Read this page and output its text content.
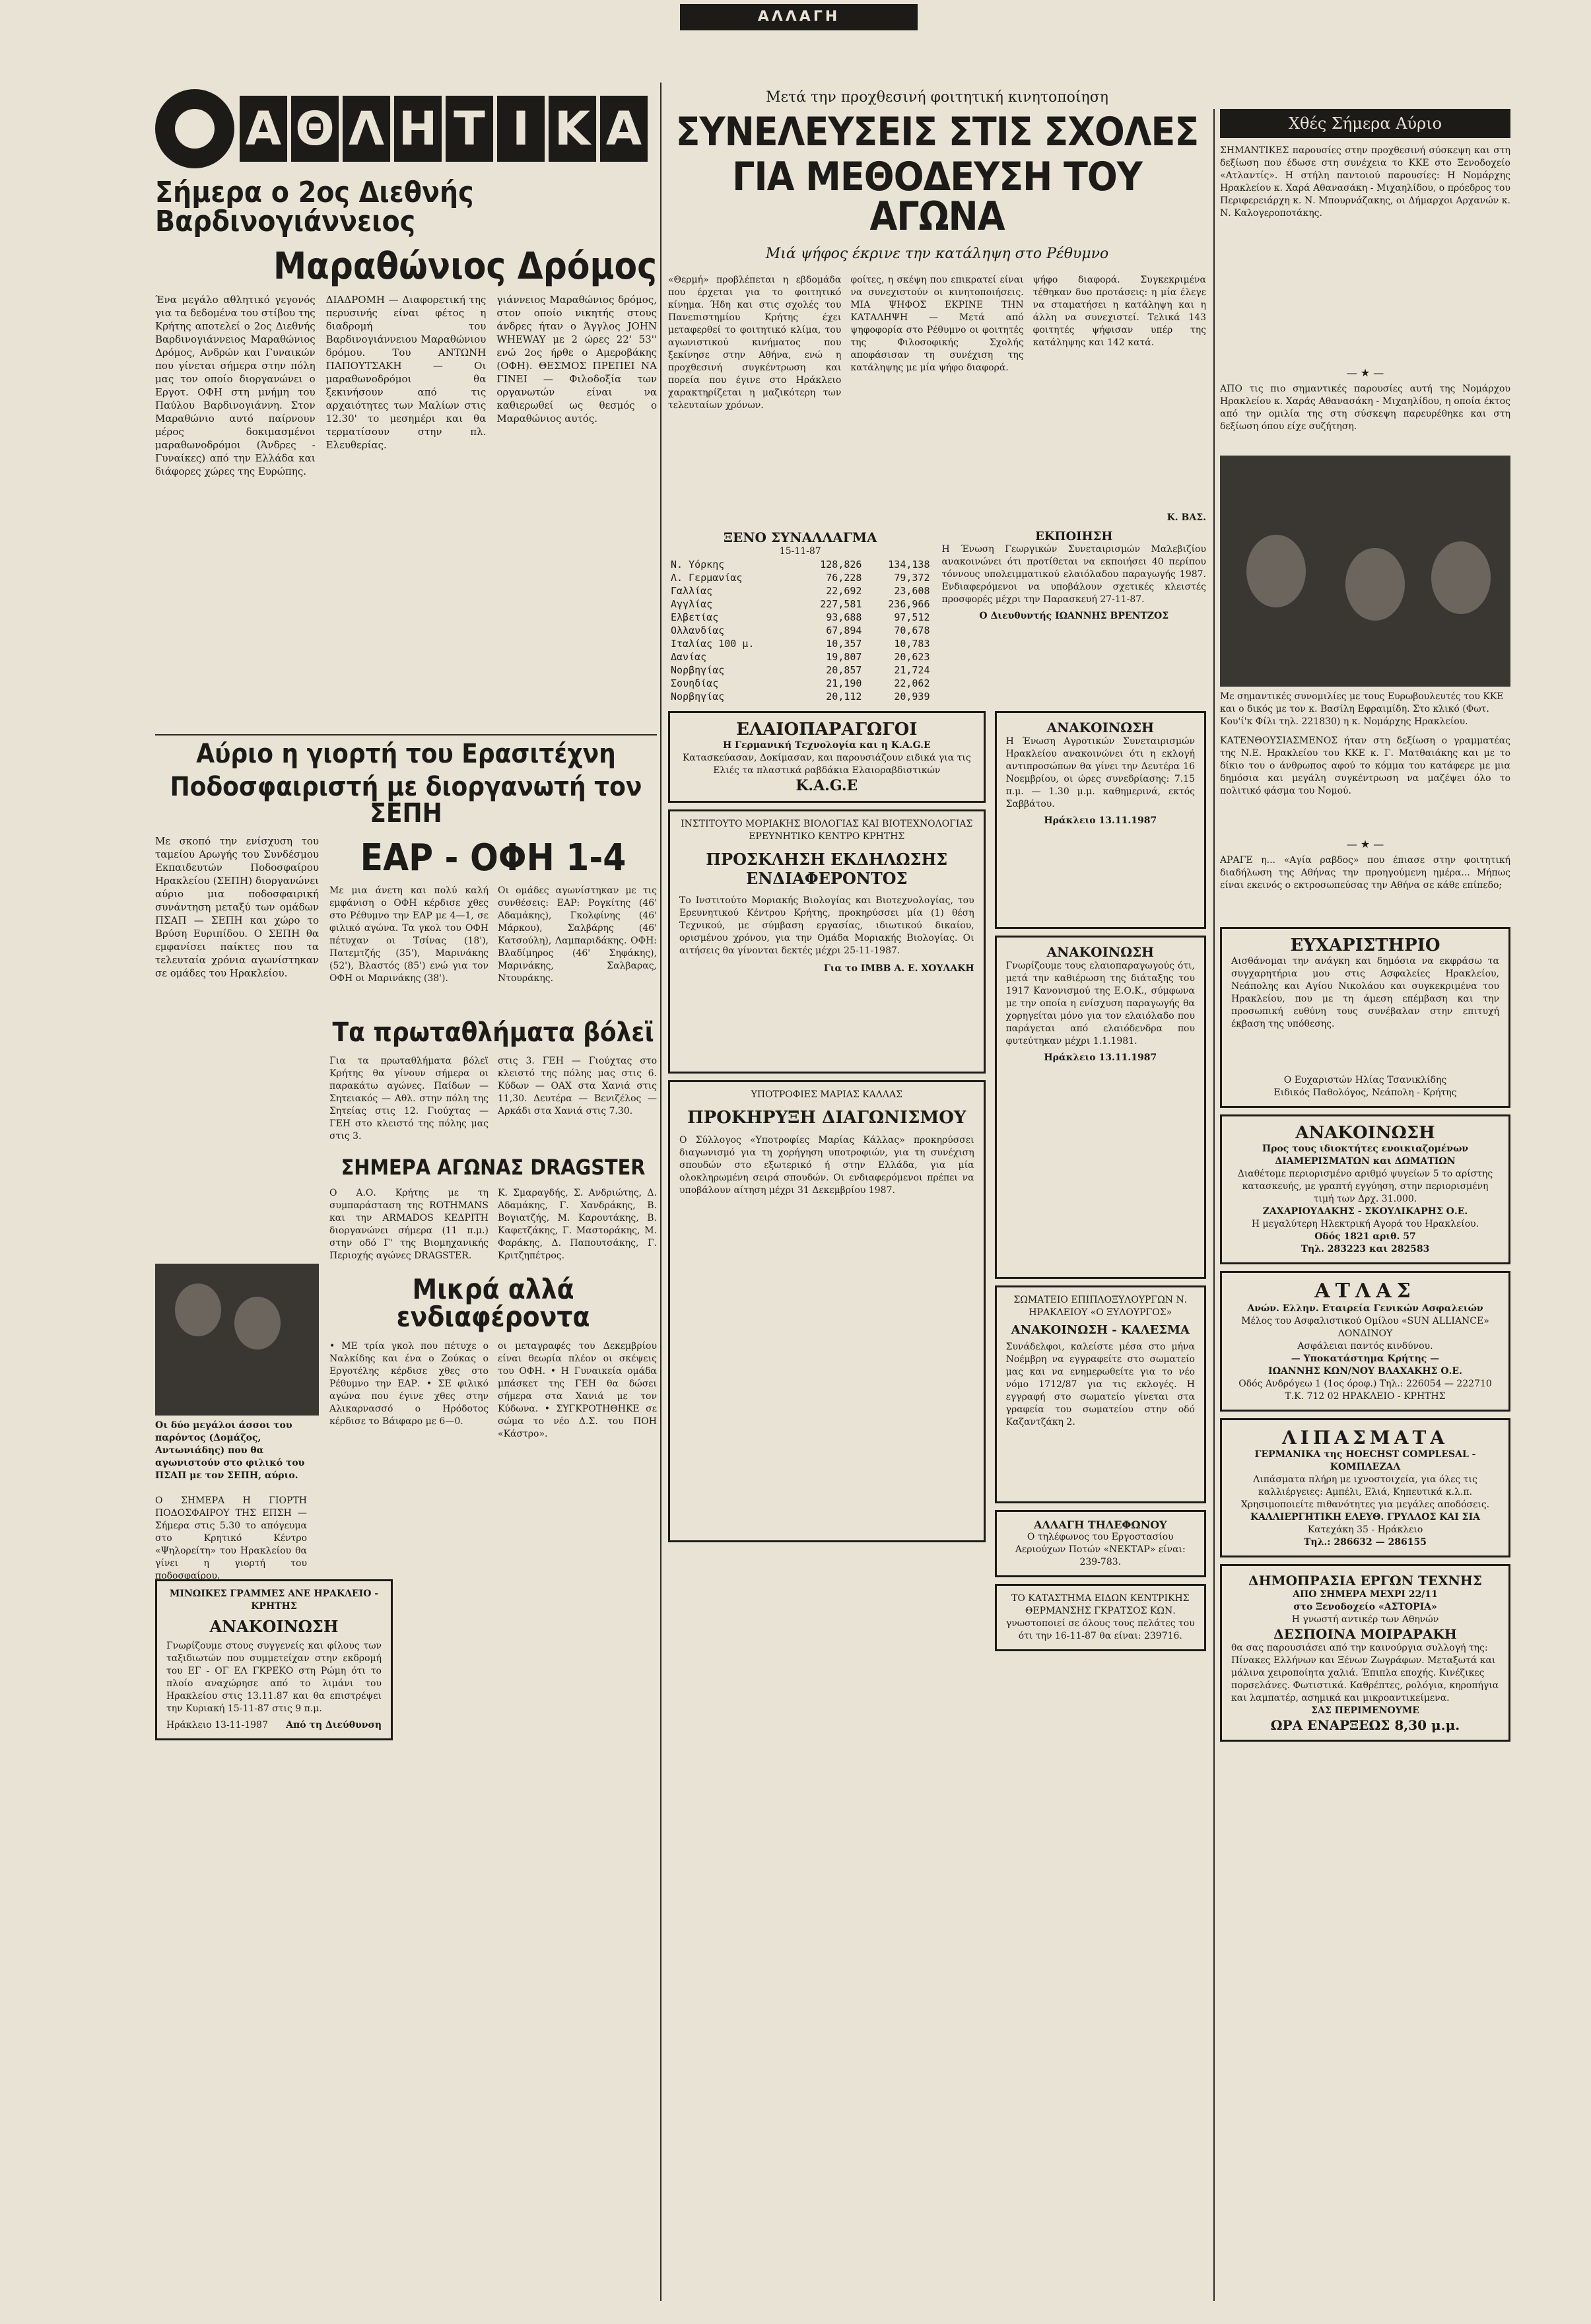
ΑΛΛΑΓΗ
Α Θ Λ Η Τ Ι Κ Α
Σήμερα ο 2ος Διεθνής Βαρδινογιάννειος
Μαραθώνιος Δρόμος
Ένα μεγάλο αθλητικό γεγονός για τα δεδομένα του στίβου της Κρήτης αποτελεί ο 2ος Διεθνής Βαρδινογιάννειος Μαραθώνιος Δρόμος, Ανδρών και Γυναικών που γίνεται σήμερα στην πόλη μας τον οποίο διοργανώνει ο Εργοτ. ΟΦΗ στη μνήμη του Παύλου Βαρδινογιάννη. Στον Μαραθώνιο αυτό παίρνουν μέρος δοκιμασμένοι μαραθωνοδρόμοι (Άνδρες - Γυναίκες) από την Ελλάδα και διάφορες χώρες της Ευρώπης.
ΔΙΑΔΡΟΜΗ — Διαφορετική της περυσινής είναι φέτος η διαδρομή του Βαρδινογιάννειου Μαραθώνιου δρόμου. Του ΑΝΤΩΝΗ ΠΑΠΟΥΤΣΑΚΗ — Οι μαραθωνοδρόμοι θα ξεκινήσουν από τις αρχαιότητες των Μαλίων στις 12.30' το μεσημέρι και θα τερματίσουν στην πλ. Ελευθερίας.
γιάννειος Μαραθώνιος δρόμος, στον οποίο νικητής στους άνδρες ήταν ο Άγγλος JOHN WHEWAY με 2 ώρες 22' 53'' ενώ 2ος ήρθε ο Αμεροβάκης (ΟΦΗ). ΘΕΣΜΟΣ ΠΡΕΠΕΙ ΝΑ ΓΙΝΕΙ — Φιλοδοξία των οργανωτών είναι να καθιερωθεί ως θεσμός ο Μαραθώνιος αυτός.
Αύριο η γιορτή του Ερασιτέχνη
Ποδοσφαιριστή με διοργανωτή τον ΣΕΠΗ
Με σκοπό την ενίσχυση του ταμείου Αρωγής του Συνδέσμου Εκπαιδευτών Ποδοσφαίρου Ηρακλείου (ΣΕΠΗ) διοργανώνει αύριο μια ποδοσφαιρική συνάντηση μεταξύ των ομάδων ΠΣΑΠ — ΣΕΠΗ και χώρο το Βρύση Ευριπίδου. Ο ΣΕΠΗ θα εμφανίσει παίκτες που τα τελευταία χρόνια αγωνίστηκαν σε ομάδες του Ηρακλείου.
Οι δύο μεγάλοι άσσοι του παρόντος (Δομάζος, Αντωνιάδης) που θα αγωνιστούν στο φιλικό του ΠΣΑΠ με τον ΣΕΠΗ, αύριο.
ΕΑΡ - ΟΦΗ 1-4
Με μια άνετη και πολύ καλή εμφάνιση ο ΟΦΗ κέρδισε χθες στο Ρέθυμνο την ΕΑΡ με 4—1, σε φιλικό αγώνα. Τα γκολ του ΟΦΗ πέτυχαν οι Τσίνας (18'), Πατεμτζής (35'), Μαρινάκης (52'), Βλαστός (85') ενώ για τον ΟΦΗ οι Μαρινάκης (38').
Οι ομάδες αγωνίστηκαν με τις συνθέσεις: ΕΑΡ: Ρογκίτης (46' Αδαμάκης), Γκολφίνης (46' Μάρκου), Σαλβάρης (46' Κατσούλη), Λαμπαριδάκης. ΟΦΗ: Βλαδίμηρος (46' Σηφάκης), Μαρινάκης, Σαλβαρας, Ντουράκης.
Τα πρωταθλήματα βόλεϊ
Για τα πρωταθλήματα βόλεϊ Κρήτης θα γίνουν σήμερα οι παρακάτω αγώνες. Παίδων — Σητειακός — Αθλ. στην πόλη της Σητείας στις 12. Γιούχτας — ΓΕΗ στο κλειστό της πόλης μας στις 3.
στις 3. ΓΕΗ — Γιούχτας στο κλειστό της πόλης μας στις 6. Κύδων — ΟΑΧ στα Χανιά στις 11,30. Δευτέρα — Βενιζέλος — Αρκάδι στα Χανιά στις 7.30.
ΣΗΜΕΡΑ ΑΓΩΝΑΣ DRAGSTER
Ο Α.Ο. Κρήτης με τη συμπαράσταση της ROTHMANS και την ARMADOS ΚΕΔΡΙΤΗ διοργανώνει σήμερα (11 π.μ.) στην οδό Γ' της Βιομηχανικής Περιοχής αγώνες DRAGSTER.
Κ. Σμαραγδής, Σ. Ανδριώτης, Δ. Αδαμάκης, Γ. Χανδράκης, Β. Βογιατζής, Μ. Καρουτάκης, Β. Καφετζάκης, Γ. Μαστοράκης, Μ. Φαράκης, Δ. Παπουτσάκης, Γ. Κριτζηπέτρος.
Μικρά αλλά ενδιαφέροντα
• ΜΕ τρία γκολ που πέτυχε ο Ναλκίδης και ένα ο Ζούκας ο Εργοτέλης κέρδισε χθες στο Ρέθυμνο την ΕΑΡ. • ΣΕ φιλικό αγώνα που έγινε χθες στην Αλικαρνασσό ο Ηρόδοτος κέρδισε το Βάιφαρο με 6—0.
οι μεταγραφές του Δεκεμβρίου είναι θεωρία πλέον οι σκέψεις του ΟΦΗ. • Η Γυναικεία ομάδα μπάσκετ της ΓΕΗ θα δώσει σήμερα στα Χανιά με τον Κύδωνα. • ΣΥΓΚΡΟΤΗΘΗΚΕ σε σώμα το νέο Δ.Σ. του ΠΟΗ «Κάστρο».
Ο ΣΗΜΕΡΑ Η ΓΙΟΡΤΗ ΠΟΔΟΣΦΑΙΡΟΥ ΤΗΣ ΕΠΣΗ — Σήμερα στις 5.30 το απόγευμα στο Κρητικό Κέντρο «Ψηλορείτη» του Ηρακλείου θα γίνει η γιορτή του ποδοσφαίρου.
ΜΙΝΩΙΚΕΣ ΓΡΑΜΜΕΣ ΑΝΕ ΗΡΑΚΛΕΙΟ - ΚΡΗΤΗΣ
ΑΝΑΚΟΙΝΩΣΗ
Γνωρίζουμε στους συγγενείς και φίλους των ταξιδιωτών που συμμετείχαν στην εκδρομή του ΕΓ - ΟΓ ΕΛ ΓΚΡΕΚΟ στη Ρώμη ότι το πλοίο αναχώρησε από το λιμάνι του Ηρακλείου στις 13.11.87 και θα επιστρέψει την Κυριακή 15-11-87 στις 9 π.μ.
Ηράκλειο 13-11-1987 Από τη Διεύθυνση
Μετά την προχθεσινή φοιτητική κινητοποίηση
ΣΥΝΕΛΕΥΣΕΙΣ ΣΤΙΣ ΣΧΟΛΕΣ
ΓΙΑ ΜΕΘΟΔΕΥΣΗ ΤΟΥ ΑΓΩΝΑ
Μιά ψήφος έκρινε την κατάληψη στο Ρέθυμνο
«Θερμή» προβλέπεται η εβδομάδα που έρχεται για το φοιτητικό κίνημα. Ήδη και στις σχολές του Πανεπιστημίου Κρήτης έχει μεταφερθεί το φοιτητικό κλίμα, του αγωνιστικού κινήματος που ξεκίνησε στην Αθήνα, ενώ η προχθεσινή συγκέντρωση και πορεία που έγινε στο Ηράκλειο χαρακτηρίζεται η μαζικότερη των τελευταίων χρόνων.
φοίτες, η σκέψη που επικρατεί είναι να συνεχιστούν οι κινητοποιήσεις. ΜΙΑ ΨΗΦΟΣ ΕΚΡΙΝΕ ΤΗΝ ΚΑΤΑΛΗΨΗ — Μετά από ψηφοφορία στο Ρέθυμνο οι φοιτητές της Φιλοσοφικής Σχολής αποφάσισαν τη συνέχιση της κατάληψης με μία ψήφο διαφορά.
ψήφο διαφορά. Συγκεκριμένα τέθηκαν δυο προτάσεις: η μία έλεγε να σταματήσει η κατάληψη και η άλλη να συνεχιστεί. Τελικά 143 φοιτητές ψήφισαν υπέρ της κατάληψης και 142 κατά.
Κ. ΒΑΣ.
ΞΕΝΟ ΣΥΝΑΛΛΑΓΜΑ
15-11-87
Ν. Υόρκης	128,826	134,138
Λ. Γερμανίας	76,228	79,372
Γαλλίας	22,692	23,608
Αγγλίας	227,581	236,966
Ελβετίας	93,688	97,512
Ολλανδίας	67,894	70,678
Ιταλίας 100 μ.	10,357	10,783
Δανίας	19,807	20,623
Νορβηγίας	20,857	21,724
Σουηδίας	21,190	22,062
Νορβηγίας	20,112	20,939
ΕΚΠΟΙΗΣΗ
Η Ένωση Γεωργικών Συνεταιρισμών Μαλεβιζίου ανακοινώνει ότι προτίθεται να εκποιήσει 40 περίπου τόννους υπολειμματικού ελαιόλαδου παραγωγής 1987. Ενδιαφερόμενοι να υποβάλουν σχετικές κλειστές προσφορές μέχρι την Παρασκευή 27-11-87.
Ο Διευθυντής ΙΩΑΝΝΗΣ ΒΡΕΝΤΖΟΣ
ΕΛΑΙΟΠΑΡΑΓΩΓΟΙ
Η Γερμανική Τεχνολογία και η Κ.Α.G.E
Κατασκεύασαν, Δοκίμασαν, και παρουσιάζουν ειδικά για τις Ελιές τα πλαστικά ραβδάκια Ελαιοραβδιστικών
Κ.Α.G.E
ΙΝΣΤΙΤΟΥΤΟ ΜΟΡΙΑΚΗΣ ΒΙΟΛΟΓΙΑΣ ΚΑΙ ΒΙΟΤΕΧΝΟΛΟΓΙΑΣ ΕΡΕΥΝΗΤΙΚΟ ΚΕΝΤΡΟ ΚΡΗΤΗΣ
ΠΡΟΣΚΛΗΣΗ ΕΚΔΗΛΩΣΗΣ ΕΝΔΙΑΦΕΡΟΝΤΟΣ
Το Ινστιτούτο Μοριακής Βιολογίας και Βιοτεχνολογίας, του Ερευνητικού Κέντρου Κρήτης, προκηρύσσει μία (1) θέση Τεχνικού, με σύμβαση εργασίας, ιδιωτικού δικαίου, ορισμένου χρόνου, για την Ομάδα Μοριακής Βιολογίας. Οι αιτήσεις θα γίνονται δεκτές μέχρι 25-11-1987.
Για το ΙΜΒΒ Α. Ε. ΧΟΥΛΑΚΗ
ΥΠΟΤΡΟΦΙΕΣ ΜΑΡΙΑΣ ΚΑΛΛΑΣ
ΠΡΟΚΗΡΥΞΗ ΔΙΑΓΩΝΙΣΜΟΥ
Ο Σύλλογος «Υποτροφίες Μαρίας Κάλλας» προκηρύσσει διαγωνισμό για τη χορήγηση υποτροφιών, για τη συνέχιση σπουδών στο εξωτερικό ή στην Ελλάδα, για μία ολοκληρωμένη σειρά σπουδών. Οι ενδιαφερόμενοι πρέπει να υποβάλουν αίτηση μέχρι 31 Δεκεμβρίου 1987.
ΑΝΑΚΟΙΝΩΣΗ
Η Ένωση Αγροτικών Συνεταιρισμών Ηρακλείου ανακοινώνει ότι η εκλογή αντιπροσώπων θα γίνει την Δευτέρα 16 Νοεμβρίου, οι ώρες συνεδρίασης: 7.15 π.μ. — 1.30 μ.μ. καθημερινά, εκτός Σαββάτου.
Ηράκλειο 13.11.1987
ΑΝΑΚΟΙΝΩΣΗ
Γνωρίζουμε τους ελαιοπαραγωγούς ότι, μετά την καθιέρωση της διάταξης του 1917 Κανονισμού της Ε.Ο.Κ., σύμφωνα με την οποία η ενίσχυση παραγωγής θα χορηγείται μόνο για τον ελαιόλαδο που παράγεται από ελαιόδενδρα που φυτεύτηκαν μέχρι 1.1.1981.
Ηράκλειο 13.11.1987
ΣΩΜΑΤΕΙΟ ΕΠΙΠΛΟΞΥΛΟΥΡΓΩΝ Ν. ΗΡΑΚΛΕΙΟΥ «Ο ΞΥΛΟΥΡΓΟΣ»
ΑΝΑΚΟΙΝΩΣΗ - ΚΑΛΕΣΜΑ
Συνάδελφοι, καλείστε μέσα στο μήνα Νοέμβρη να εγγραφείτε στο σωματείο μας και να ενημερωθείτε για το νέο νόμο 1712/87 για τις εκλογές. Η εγγραφή στο σωματείο γίνεται στα γραφεία του σωματείου στην οδό Καζαντζάκη 2.
ΑΛΛΑΓΗ ΤΗΛΕΦΩΝΟΥ
Ο τηλέφωνος του Εργοστασίου Αεριούχων Ποτών «ΝΕΚΤΑΡ» είναι: 239-783.
ΤΟ ΚΑΤΑΣΤΗΜΑ ΕΙΔΩΝ ΚΕΝΤΡΙΚΗΣ ΘΕΡΜΑΝΣΗΣ ΓΚΡΑΤΣΟΣ ΚΩΝ. γνωστοποιεί σε όλους τους πελάτες του ότι την 16-11-87 θα είναι: 239716.
Χθές Σήμερα Αύριο
ΣΗΜΑΝΤΙΚΕΣ παρουσίες στην προχθεσινή σύσκεψη και στη δεξίωση που έδωσε στη συνέχεια το ΚΚΕ στο Ξενοδοχείο «Ατλαντίς». Η στήλη παντοιού παρουσίες: Η Νομάρχης Ηρακλείου κ. Χαρά Αθανασάκη - Μιχαηλίδου, ο πρόεδρος του Περιφερειάρχη κ. Ν. Μπουρνάζακης, οι Δήμαρχοι Αρχανών κ. Ν. Καλογεροποτάκης.
— ★ —
ΑΠΟ τις πιο σημαντικές παρουσίες αυτή της Νομάρχου Ηρακλείου κ. Χαράς Αθανασάκη - Μιχαηλίδου, η οποία έκτος από την ομιλία της στη σύσκεψη παρευρέθηκε και στη δεξίωση όπου είχε συζήτηση.
Με σημαντικές συνομιλίες με τους Ευρωβουλευτές του ΚΚΕ και ο δικός με τον κ. Βασίλη Εφραιμίδη. Στο κλικό (Φωτ. Κου'ί'κ Φίλι τηλ. 221830) η κ. Νομάρχης Ηρακλείου.
ΚΑΤΕΝΘΟΥΣΙΑΣΜΕΝΟΣ ήταν στη δεξίωση ο γραμματέας της Ν.Ε. Ηρακλείου του ΚΚΕ κ. Γ. Ματθαιάκης και με το δίκιο του ο άνθρωπος αφού το κόμμα του κατάφερε με μια δημόσια και μεγάλη συγκέντρωση να μαζέψει όλο το πολιτικό φάσμα του Νομού.
— ★ —
ΑΡΑΓΕ η... «Αγία ραβδος» που έπιασε στην φοιτητική διαδήλωση της Αθήνας την προηγούμενη ημέρα... Μήπως είναι εκεινός ο εκτροσωπεύσας την Αθήνα σε κάθε επίπεδο;
ΕΥΧΑΡΙΣΤΗΡΙΟ
Αισθάνομαι την ανάγκη και δημόσια να εκφράσω τα συγχαρητήρια μου στις Ασφαλείες Ηρακλείου, Νεάπολης και Αγίου Νικολάου και συγκεκριμένα του Ηρακλείου, που με τη άμεση επέμβαση και την προσωπική ευθύνη τους συνέβαλαν στην επιτυχή έκβαση της υπόθεσης.
Ο Ευχαριστών Ηλίας Τσανικλίδης
Ειδικός Παθολόγος, Νεάπολη - Κρήτης
ΑΝΑΚΟΙΝΩΣΗ
Προς τους ιδιοκτήτες ενοικιαζομένων ΔΙΑΜΕΡΙΣΜΑΤΩΝ και ΔΩΜΑΤΙΩΝ
Διαθέτομε περιορισμένο αριθμό ψυγείων 5 το αρίστης κατασκευής, με γραπτή εγγύηση, στην περιορισμένη τιμή των Δρχ. 31.000.
ΖΑΧΑΡΙΟΥΔΑΚΗΣ - ΣΚΟΥΛΙΚΑΡΗΣ Ο.Ε.
Η μεγαλύτερη Ηλεκτρική Αγορά του Ηρακλείου.
Οδός 1821 αριθ. 57
Τηλ. 283223 και 282583
ΑΤΛΑΣ
Ανών. Ελλην. Εταιρεία Γενικών Ασφαλειών
Μέλος του Ασφαλιστικού Ομίλου «SUN ALLIANCE» ΛΟΝΔΙΝΟΥ
Ασφάλειαι παντός κινδύνου.
— Υποκατάστημα Κρήτης —
ΙΩΑΝΝΗΣ ΚΩΝ/ΝΟΥ ΒΛΑΧΑΚΗΣ Ο.Ε.
Οδός Ανδρόγεω 1 (1ος όροφ.) Τηλ.: 226054 — 222710
Τ.Κ. 712 02 ΗΡΑΚΛΕΙΟ - ΚΡΗΤΗΣ
ΛΙΠΑΣΜΑΤΑ
ΓΕΡΜΑΝΙΚΑ της HOECHST COMPLESAL - ΚΟΜΠΛΕΖΑΛ
Λιπάσματα πλήρη με ιχνοστοιχεία, για όλες τις καλλιέργειες: Αμπέλι, Ελιά, Κηπευτικά κ.λ.π. Χρησιμοποιείτε πιθανότητες για μεγάλες αποδόσεις.
ΚΑΛΛΙΕΡΓΗΤΙΚΗ ΕΛΕΥΘ. ΓΡΥΛΛΟΣ ΚΑΙ ΣΙΑ
Κατεχάκη 35 - Ηράκλειο
Τηλ.: 286632 — 286155
ΔΗΜΟΠΡΑΣΙΑ ΕΡΓΩΝ ΤΕΧΝΗΣ
ΑΠΟ ΣΗΜΕΡΑ ΜΕΧΡΙ 22/11
στο Ξενοδοχείο «ΑΣΤΟΡΙΑ»
Η γνωστή αντικέρ των Αθηνών
ΔΕΣΠΟΙΝΑ ΜΟΙΡΑΡΑΚΗ
θα σας παρουσιάσει από την καινούργια συλλογή της: Πίνακες Ελλήνων και Ξένων Ζωγράφων. Μεταξωτά και μάλινα χειροποίητα χαλιά. Έπιπλα εποχής. Κινέζικες πορσελάνες. Φωτιστικά. Καθρέπτες, ρολόγια, κηροπήγια και λαμπατέρ, ασημικά και μικροαντικείμενα.
ΣΑΣ ΠΕΡΙΜΕΝΟΥΜΕ
ΩΡΑ ΕΝΑΡΞΕΩΣ 8,30 μ.μ.
